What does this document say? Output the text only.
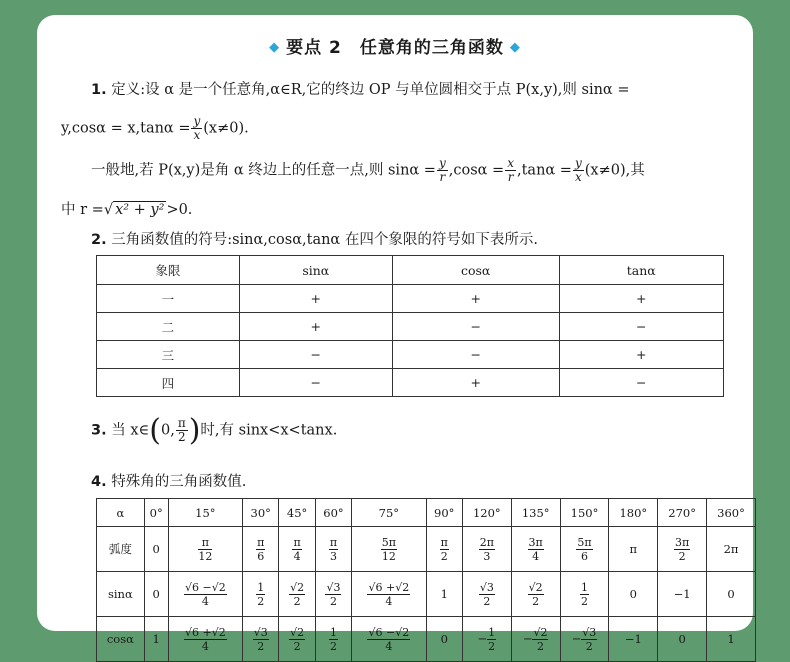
◆ 要点 2 任意角的三角函数 ◆
1. 定义:设 α 是一个任意角,α∈R,它的终边 OP 与单位圆相交于点 P(x,y),则 sinα =
$y,\cos\alpha = x,\tan\alpha = \frac{y}{x} (x\ne 0)$.
一般地,若 P(x,y)是角 α 终边上的任意一点,则 $\sin\alpha = \frac{y}{r} ,\cos\alpha = \frac{x}{r} ,\tan\alpha = \frac{y}{x} (x\ne 0)$,其
中 r =√ x² + y² >0.
2. 三角函数值的符号:sinα,cosα,tanα 在四个象限的符号如下表所示.
象限	sinα	cosα	tanα
一	+	+	+
二	+	−	−
三	−	−	+
四	−	+	−
3. 当 x∈(0, $\frac{\pi}{2}$ )时,有 sinx<x<tanx.
4. 特殊角的三角函数值.
α	0°	15°	30°	45°	60°	75°	90°	120°	135°	150°	180°	270°	360°
弧度	0	$\frac{\pi}{12}$	$\frac{\pi}{6}$	$\frac{\pi}{4}$	$\frac{\pi}{3}$	$\frac{5\pi}{12}$	$\frac{\pi}{2}$	$\frac{2\pi}{3}$	$\frac{3\pi}{4}$	$\frac{5\pi}{6}$	π	$\frac{3\pi}{2}$	2π
sinα	0	$\frac{√6 -√2}{4}$	$\frac{1}{2}$	$\frac{√2}{2}$	$\frac{√3}{2}$	$\frac{√6 +√2}{4}$	1	$\frac{√3}{2}$	$\frac{√2}{2}$	$\frac{1}{2}$	0	−1	0
cosα	1	$\frac{√6 +√2}{4}$	$\frac{√3}{2}$	$\frac{√2}{2}$	$\frac{1}{2}$	$\frac{√6 -√2}{4}$	0	− $\frac{1}{2}$	− $\frac{√2}{2}$	− $\frac{√3}{2}$	−1	0	1
